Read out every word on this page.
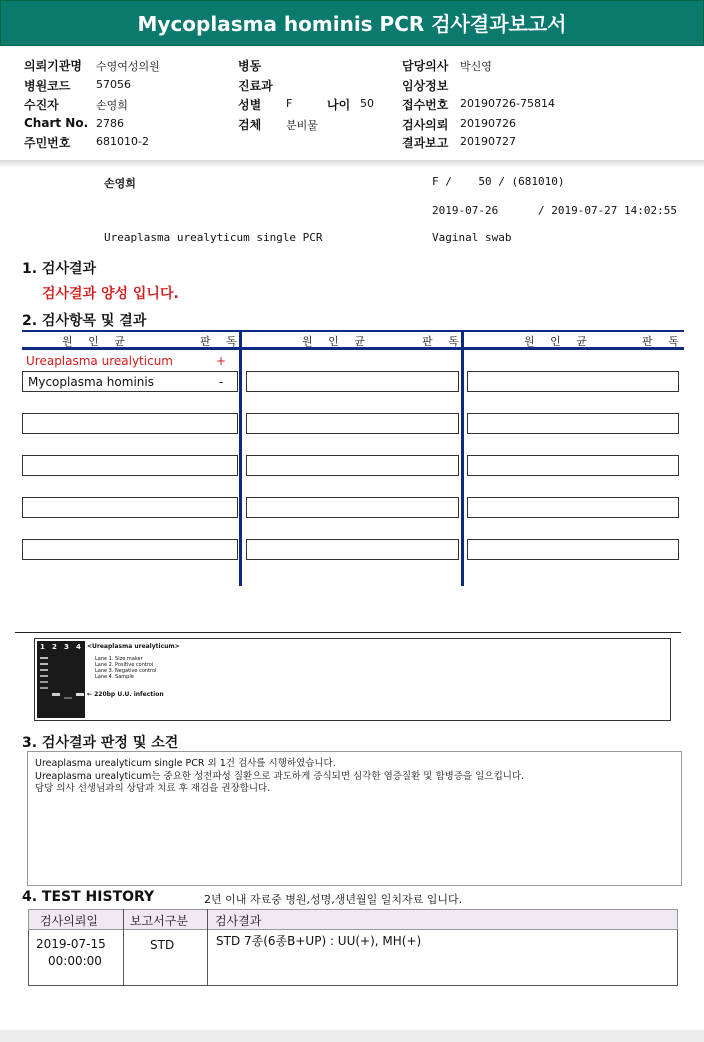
Mycoplasma hominis PCR 검사결과보고서
의뢰기관명 수영여성의원
병원코드 57056
수진자	손영희
Chart No. 2786
주민번호 681010-2
병동
진료과
성별 F	나이 50
검체 분비물
담당의사 박신영
임상정보
접수번호 20190726-75814
검사의뢰 20190726
결과보고 20190727
손영희	F /    50 / (681010)
2019-07-26      / 2019-07-27 14:02:55
Ureaplasma urealyticum single PCR	Vaginal swab
1. 검사결과
검사결과 양성 입니다.
2. 검사항목 및 결과
원 인 균	판 독	원 인 균	판 독	원 인 균	판 독
Ureaplasma urealyticum	+
Mycoplasma hominis	-
1 2 3 4 <Ureaplasma urealyticum>
Lane 1. Size maker
Lane 2. Positive control
Lane 3. Negative control
Lane 4. Sample
← 220bp U.U. infection
3. 검사결과 판정 및 소견
Ureaplasma urealyticum single PCR 외 1건 검사를 시행하였습니다.
Ureaplasma urealyticum는 중요한 성전파성 질환으로 과도하게 증식되면 심각한 염증질환 및 합병증을 일으킵니다.
담당 의사 선생님과의 상담과 치료 후 재검을 권장합니다.
4. TEST HISTORY	2년 이내 자료중 병원,성명,생년월일 일치자료 입니다.
검사의뢰일	보고서구분 검사결과
2019-07-15
00:00:00
STD	STD 7종(6종B+UP) : UU(+), MH(+)
